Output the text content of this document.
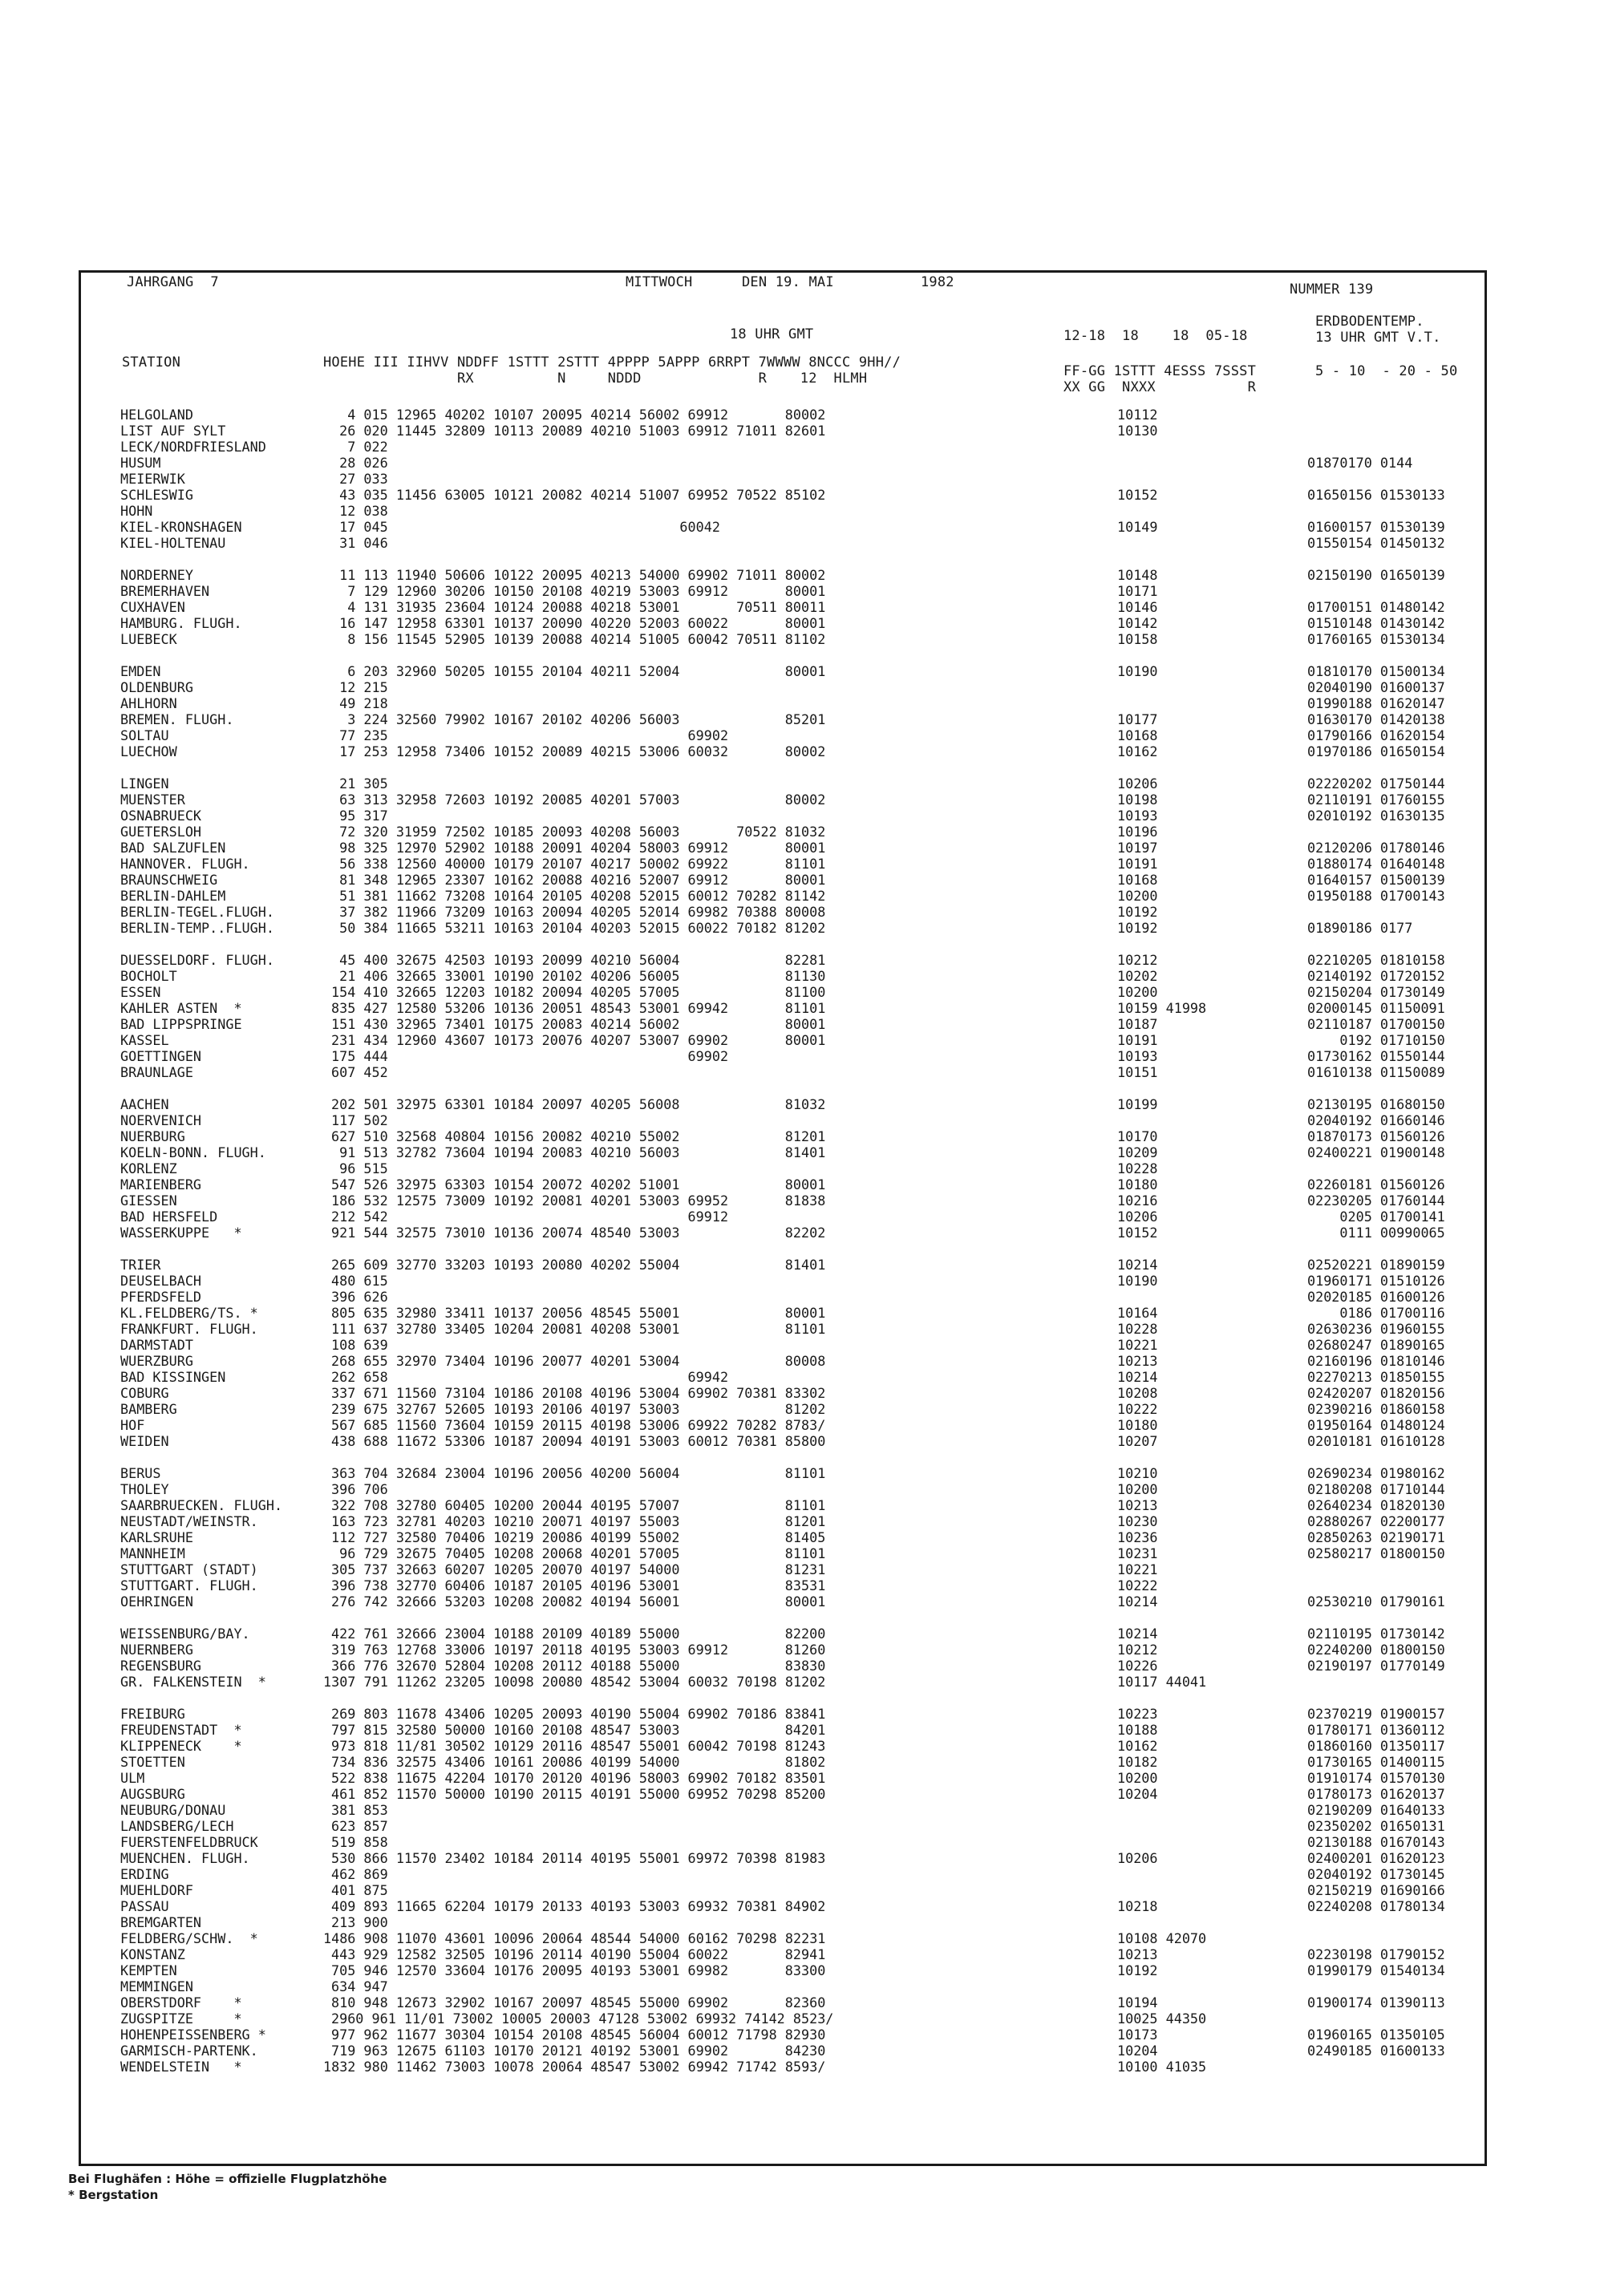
JAHRGANG  7	MITTWOCH	DEN 19. MAI	1982	NUMMER 139
18 UHR GMT	12-18  18    18  05-18
ERDBODENTEMP.
13 UHR GMT V.T.
STATION	HOEHE III IIHVV NDDFF 1STTT 2STTT 4PPPP 5APPP 6RRPT 7WWWW 8NCCC 9HH//
RX          N     NDDD              R    12  HLMH	FF-GG 1STTT 4ESSS 7SSST
XX GG  NXXX           R
5 - 10  - 20 - 50
HELGOLAND	4 015 12965 40202 10107 20095 40214 56002 69912       80002	10112
LIST AUF SYLT	26 020 11445 32809 10113 20089 40210 51003 69912 71011 82601	10130
LECK/NORDFRIESLAND	7 022
HUSUM	28 026	01870170 0144
MEIERWIK	27 033
SCHLESWIG	43 035 11456 63005 10121 20082 40214 51007 69952 70522 85102	10152	01650156 01530133
HOHN	12 038
KIEL-KRONSHAGEN	17 045                                    60042	10149	01600157 01530139
KIEL-HOLTENAU	31 046	01550154 01450132
NORDERNEY	11 113 11940 50606 10122 20095 40213 54000 69902 71011 80002	10148	02150190 01650139
BREMERHAVEN	7 129 12960 30206 10150 20108 40219 53003 69912       80001	10171
CUXHAVEN	4 131 31935 23604 10124 20088 40218 53001       70511 80011	10146	01700151 01480142
HAMBURG. FLUGH.	16 147 12958 63301 10137 20090 40220 52003 60022       80001	10142	01510148 01430142
LUEBECK	8 156 11545 52905 10139 20088 40214 51005 60042 70511 81102	10158	01760165 01530134
EMDEN	6 203 32960 50205 10155 20104 40211 52004             80001	10190	01810170 01500134
OLDENBURG	12 215	02040190 01600137
AHLHORN	49 218	01990188 01620147
BREMEN. FLUGH.	3 224 32560 79902 10167 20102 40206 56003             85201	10177	01630170 01420138
SOLTAU	77 235                                     69902	10168	01790166 01620154
LUECHOW	17 253 12958 73406 10152 20089 40215 53006 60032       80002	10162	01970186 01650154
LINGEN	21 305	10206	02220202 01750144
MUENSTER	63 313 32958 72603 10192 20085 40201 57003             80002	10198	02110191 01760155
OSNABRUECK	95 317	10193	02010192 01630135
GUETERSLOH	72 320 31959 72502 10185 20093 40208 56003       70522 81032	10196
BAD SALZUFLEN	98 325 12970 52902 10188 20091 40204 58003 69912       80001	10197	02120206 01780146
HANNOVER. FLUGH.	56 338 12560 40000 10179 20107 40217 50002 69922       81101	10191	01880174 01640148
BRAUNSCHWEIG	81 348 12965 23307 10162 20088 40216 52007 69912       80001	10168	01640157 01500139
BERLIN-DAHLEM	51 381 11662 73208 10164 20105 40208 52015 60012 70282 81142	10200	01950188 01700143
BERLIN-TEGEL.FLUGH.	37 382 11966 73209 10163 20094 40205 52014 69982 70388 80008	10192
BERLIN-TEMP..FLUGH.	50 384 11665 53211 10163 20104 40203 52015 60022 70182 81202	10192	01890186 0177
DUESSELDORF. FLUGH.	45 400 32675 42503 10193 20099 40210 56004             82281	10212	02210205 01810158
BOCHOLT	21 406 32665 33001 10190 20102 40206 56005             81130	10202	02140192 01720152
ESSEN	154 410 32665 12203 10182 20094 40205 57005             81100	10200	02150204 01730149
KAHLER ASTEN  *	835 427 12580 53206 10136 20051 48543 53001 69942       81101	10159 41998	02000145 01150091
BAD LIPPSPRINGE	151 430 32965 73401 10175 20083 40214 56002             80001	10187	02110187 01700150
KASSEL	231 434 12960 43607 10173 20076 40207 53007 69902       80001	10191	0192 01710150
GOETTINGEN	175 444                                     69902	10193	01730162 01550144
BRAUNLAGE	607 452	10151	01610138 01150089
AACHEN	202 501 32975 63301 10184 20097 40205 56008             81032	10199	02130195 01680150
NOERVENICH	117 502	02040192 01660146
NUERBURG	627 510 32568 40804 10156 20082 40210 55002             81201	10170	01870173 01560126
KOELN-BONN. FLUGH.	91 513 32782 73604 10194 20083 40210 56003             81401	10209	02400221 01900148
KORLENZ	96 515	10228
MARIENBERG	547 526 32975 63303 10154 20072 40202 51001             80001	10180	02260181 01560126
GIESSEN	186 532 12575 73009 10192 20081 40201 53003 69952       81838	10216	02230205 01760144
BAD HERSFELD	212 542                                     69912	10206	0205 01700141
WASSERKUPPE   *	921 544 32575 73010 10136 20074 48540 53003             82202	10152	0111 00990065
TRIER	265 609 32770 33203 10193 20080 40202 55004             81401	10214	02520221 01890159
DEUSELBACH	480 615	10190	01960171 01510126
PFERDSFELD	396 626	02020185 01600126
KL.FELDBERG/TS. *	805 635 32980 33411 10137 20056 48545 55001             80001	10164	0186 01700116
FRANKFURT. FLUGH.	111 637 32780 33405 10204 20081 40208 53001             81101	10228	02630236 01960155
DARMSTADT	108 639	10221	02680247 01890165
WUERZBURG	268 655 32970 73404 10196 20077 40201 53004             80008	10213	02160196 01810146
BAD KISSINGEN	262 658                                     69942	10214	02270213 01850155
COBURG	337 671 11560 73104 10186 20108 40196 53004 69902 70381 83302	10208	02420207 01820156
BAMBERG	239 675 32767 52605 10193 20106 40197 53003             81202	10222	02390216 01860158
HOF	567 685 11560 73604 10159 20115 40198 53006 69922 70282 8783/	10180	01950164 01480124
WEIDEN	438 688 11672 53306 10187 20094 40191 53003 60012 70381 85800	10207	02010181 01610128
BERUS	363 704 32684 23004 10196 20056 40200 56004             81101	10210	02690234 01980162
THOLEY	396 706	10200	02180208 01710144
SAARBRUECKEN. FLUGH.	322 708 32780 60405 10200 20044 40195 57007             81101	10213	02640234 01820130
NEUSTADT/WEINSTR.	163 723 32781 40203 10210 20071 40197 55003             81201	10230	02880267 02200177
KARLSRUHE	112 727 32580 70406 10219 20086 40199 55002             81405	10236	02850263 02190171
MANNHEIM	96 729 32675 70405 10208 20068 40201 57005             81101	10231	02580217 01800150
STUTTGART (STADT)	305 737 32663 60207 10205 20070 40197 54000             81231	10221
STUTTGART. FLUGH.	396 738 32770 60406 10187 20105 40196 53001             83531	10222
OEHRINGEN	276 742 32666 53203 10208 20082 40194 56001             80001	10214	02530210 01790161
WEISSENBURG/BAY.	422 761 32666 23004 10188 20109 40189 55000             82200	10214	02110195 01730142
NUERNBERG	319 763 12768 33006 10197 20118 40195 53003 69912       81260	10212	02240200 01800150
REGENSBURG	366 776 32670 52804 10208 20112 40188 55000             83830	10226	02190197 01770149
GR. FALKENSTEIN  *	1307 791 11262 23205 10098 20080 48542 53004 60032 70198 81202	10117 44041
FREIBURG	269 803 11678 43406 10205 20093 40190 55004 69902 70186 83841	10223	02370219 01900157
FREUDENSTADT  *	797 815 32580 50000 10160 20108 48547 53003             84201	10188	01780171 01360112
KLIPPENECK    *	973 818 11/81 30502 10129 20116 48547 55001 60042 70198 81243	10162	01860160 01350117
STOETTEN	734 836 32575 43406 10161 20086 40199 54000             81802	10182	01730165 01400115
ULM	522 838 11675 42204 10170 20120 40196 58003 69902 70182 83501	10200	01910174 01570130
AUGSBURG	461 852 11570 50000 10190 20115 40191 55000 69952 70298 85200	10204	01780173 01620137
NEUBURG/DONAU	381 853	02190209 01640133
LANDSBERG/LECH	623 857	02350202 01650131
FUERSTENFELDBRUCK	519 858	02130188 01670143
MUENCHEN. FLUGH.	530 866 11570 23402 10184 20114 40195 55001 69972 70398 81983	10206	02400201 01620123
ERDING	462 869	02040192 01730145
MUEHLDORF	401 875	02150219 01690166
PASSAU	409 893 11665 62204 10179 20133 40193 53003 69932 70381 84902	10218	02240208 01780134
BREMGARTEN	213 900
FELDBERG/SCHW.  *	1486 908 11070 43601 10096 20064 48544 54000 60162 70298 82231	10108 42070
KONSTANZ	443 929 12582 32505 10196 20114 40190 55004 60022       82941	10213	02230198 01790152
KEMPTEN	705 946 12570 33604 10176 20095 40193 53001 69982       83300	10192	01990179 01540134
MEMMINGEN	634 947
OBERSTDORF    *	810 948 12673 32902 10167 20097 48545 55000 69902       82360	10194	01900174 01390113
ZUGSPITZE     *	2960 961 11/01 73002 10005 20003 47128 53002 69932 74142 8523/	10025 44350
HOHENPEISSENBERG *	977 962 11677 30304 10154 20108 48545 56004 60012 71798 82930	10173	01960165 01350105
GARMISCH-PARTENK.	719 963 12675 61103 10170 20121 40192 53001 69902       84230	10204	02490185 01600133
WENDELSTEIN   *	1832 980 11462 73003 10078 20064 48547 53002 69942 71742 8593/	10100 41035
Bei Flughäfen : Höhe = offizielle Flugplatzhöhe
* Bergstation
